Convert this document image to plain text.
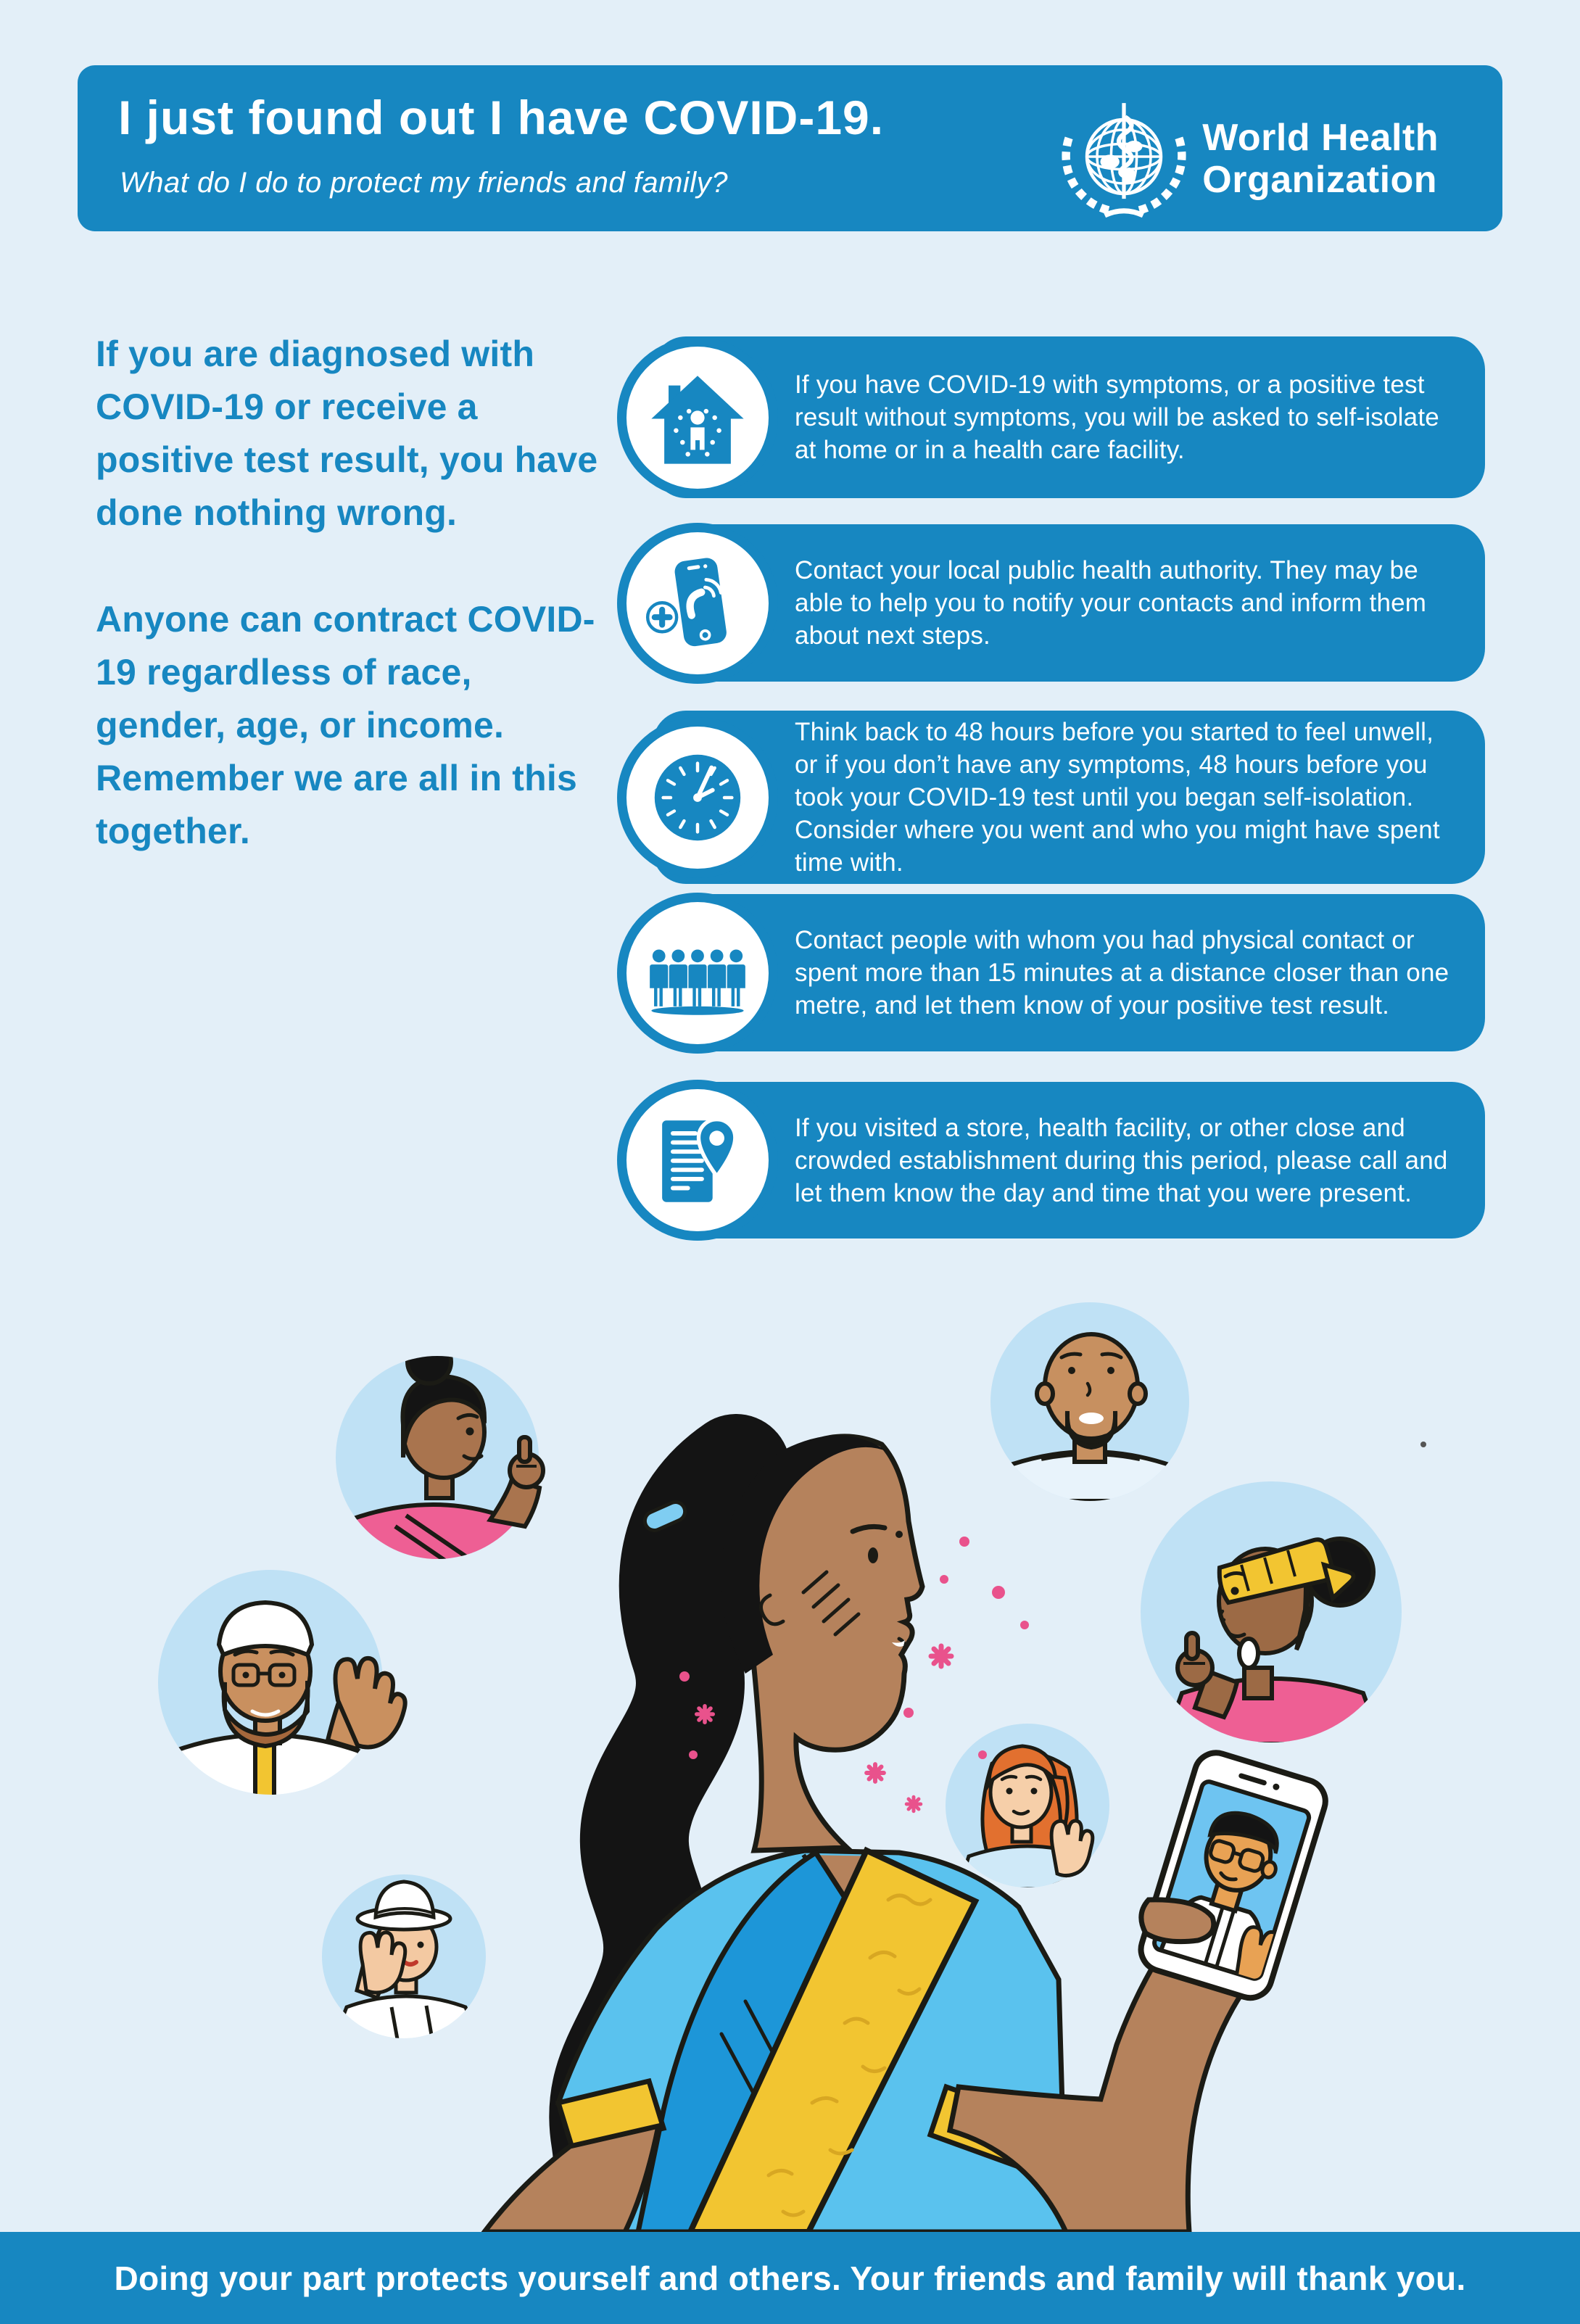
I just found out I have COVID-19.
What do I do to protect my friends and family?
World Health
Organization

If you are diagnosed with COVID-19 or receive a positive test result, you have done nothing wrong.

Anyone can contract COVID-19 regardless of race, gender, age, or income. Remember we are all in this together.

If you have COVID-19 with symptoms, or a positive test result without symptoms, you will be asked to self-isolate at home or in a health care facility.

Contact your local public health authority. They may be able to help you to notify your contacts and inform them about next steps.

Think back to 48 hours before you started to feel unwell, or if you don’t have any symptoms, 48 hours before you took your COVID-19 test until you began self-isolation. Consider where you went and who you might have spent time with.

Contact people with whom you had physical contact or spent more than 15 minutes at a distance closer than one metre, and let them know of your positive test result.

If you visited a store, health facility, or other close and crowded establishment during this period, please call and let them know the day and time that you were present.

Doing your part protects yourself and others. Your friends and family will thank you.
